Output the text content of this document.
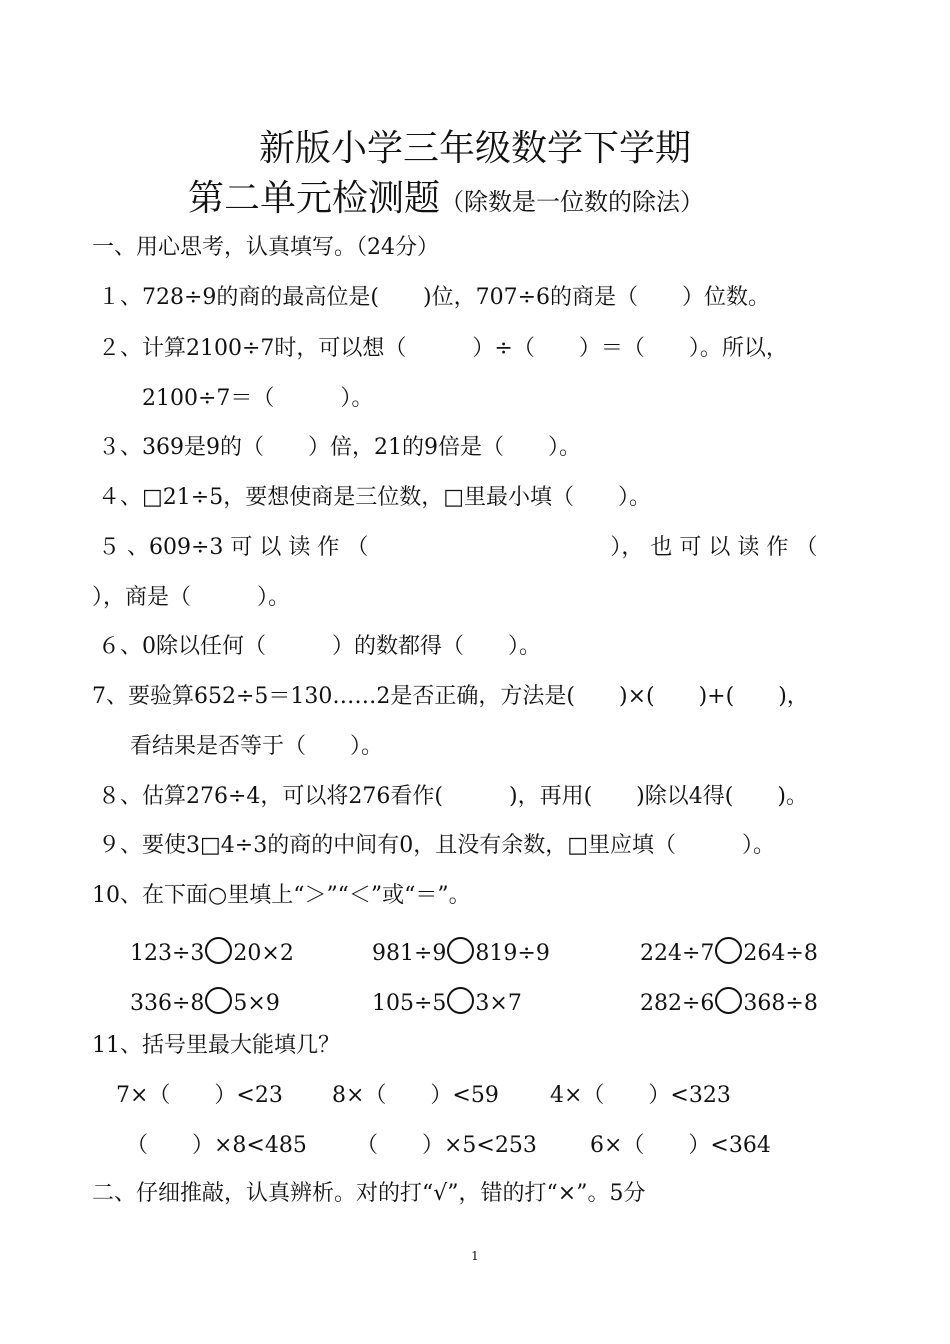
新版小学三年级数学下学期
第二单元检测题（除数是一位数的除法）
一、用心思考，认真填写。（24分）
１、728÷9的商的最高位是(　　)位，707÷6的商是（　　）位数。
２、计算2100÷7时，可以想（　　　）÷（　　）＝（　　）。所以，
2100÷7＝（　　　）。
３、369是9的（　　）倍，21的9倍是（　　）。
４、□21÷5，要想使商是三位数，□里最小填（　　）。
５ 、609÷3 可 以 读 作 （　　　　　　　　　　　）， 也 可 以 读 作 （
），商是（　　　）。
６、0除以任何（　　　）的数都得（　　）。
7、要验算652÷5＝130……2是否正确，方法是(　　)×(　　)+(　　)，
看结果是否等于（　　）。
８、估算276÷4，可以将276看作(　　　)，再用(　　)除以4得(　　)。
９、要使3□4÷3的商的中间有0，且没有余数，□里应填（　　　）。
10、在下面○里填上“＞”“＜”或“＝”。
123÷3 20×2	981÷9 819÷9	224÷7 264÷8
336÷8 5×9	105÷5 3×7	282÷6 368÷8
11、括号里最大能填几？
7×（　　）<23 8×（　　）<59 4×（　　）<323
（　　）×8<485 （　　）×5<253 6×（　　）<364
二、仔细推敲，认真辨析。对的打“√”，错的打“×”。5分
1
